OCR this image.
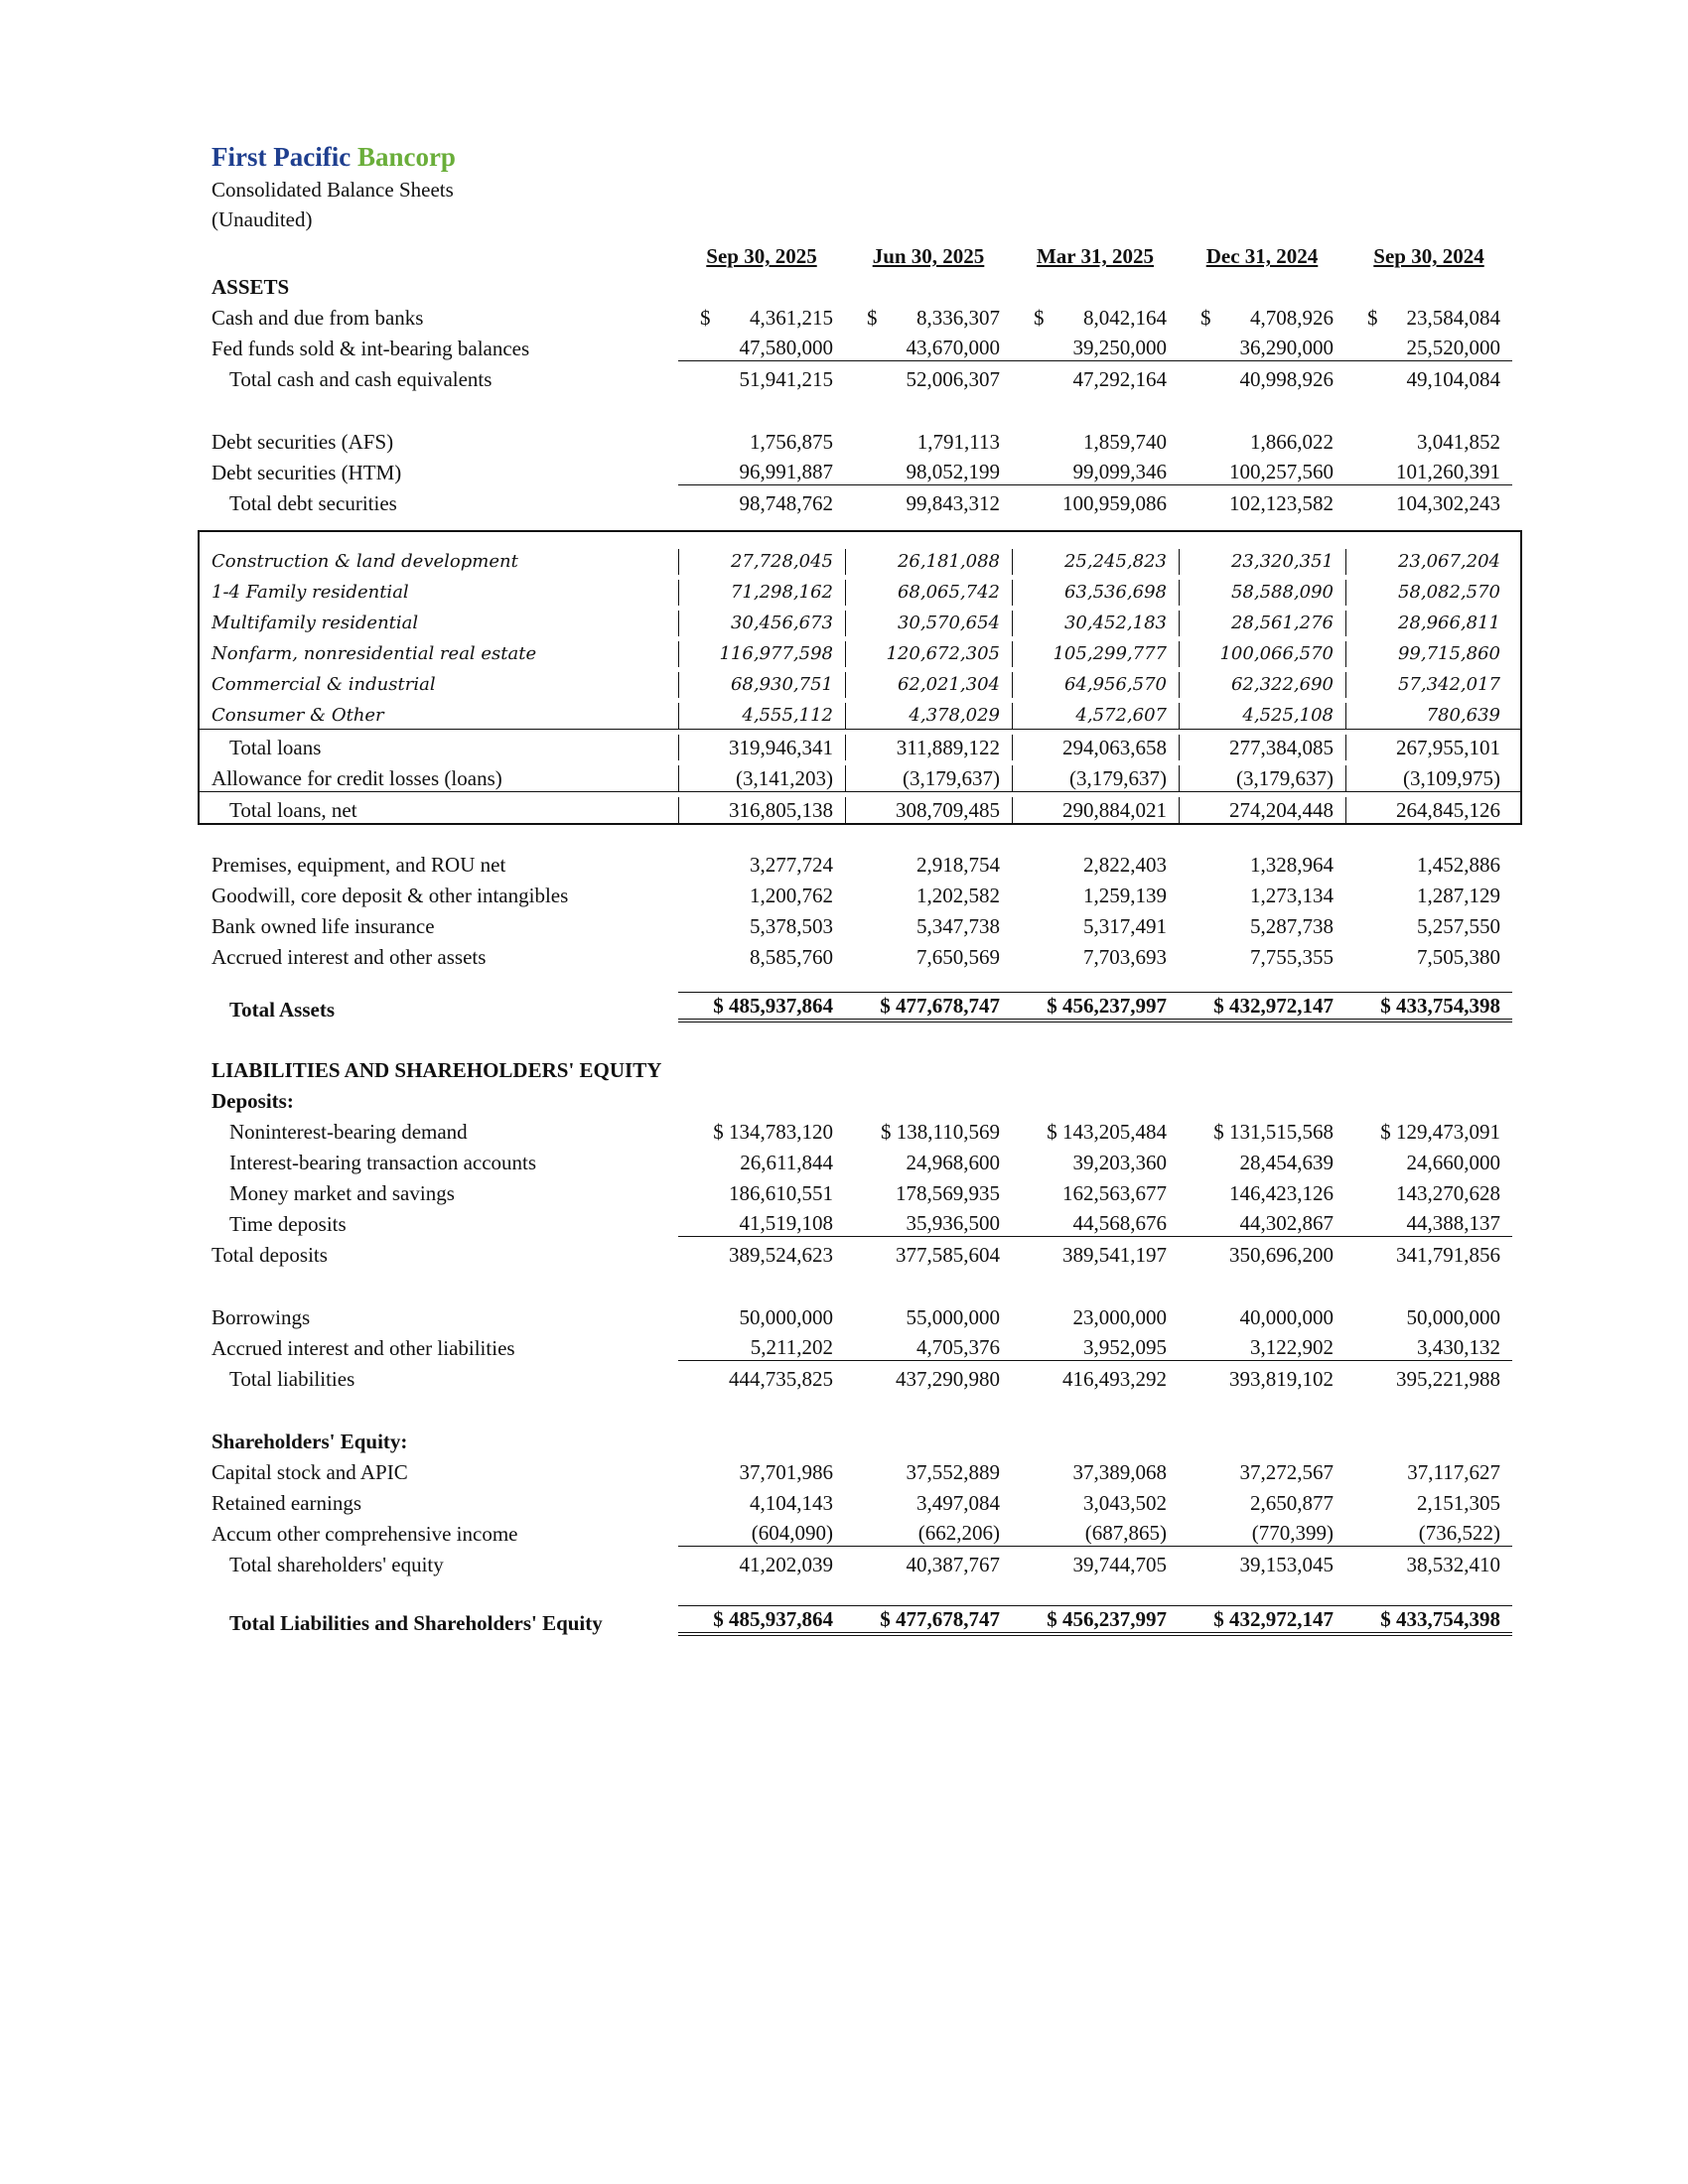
First Pacific Bancorp
Consolidated Balance Sheets
(Unaudited)
Sep 30, 2025	Jun 30, 2025	Mar 31, 2025	Dec 31, 2024	Sep 30, 2024
ASSETS
Cash and due from banks	$ 4,361,215 $ 8,336,307 $ 8,042,164 $ 4,708,926 $ 23,584,084
Fed funds sold & int-bearing balances	47,580,000	43,670,000	39,250,000	36,290,000	25,520,000
Total cash and cash equivalents	51,941,215	52,006,307	47,292,164	40,998,926	49,104,084
Debt securities (AFS)	1,756,875	1,791,113	1,859,740	1,866,022	3,041,852
Debt securities (HTM)	96,991,887	98,052,199	99,099,346	100,257,560	101,260,391
Total debt securities	98,748,762	99,843,312	100,959,086	102,123,582	104,302,243
Construction & land development	27,728,045	26,181,088	25,245,823	23,320,351	23,067,204
1-4 Family residential	71,298,162	68,065,742	63,536,698	58,588,090	58,082,570
Multifamily residential	30,456,673	30,570,654	30,452,183	28,561,276	28,966,811
Nonfarm, nonresidential real estate	116,977,598	120,672,305	105,299,777	100,066,570	99,715,860
Commercial & industrial	68,930,751	62,021,304	64,956,570	62,322,690	57,342,017
Consumer & Other	4,555,112	4,378,029	4,572,607	4,525,108	780,639
Total loans	319,946,341	311,889,122	294,063,658	277,384,085	267,955,101
Allowance for credit losses (loans)	(3,141,203)	(3,179,637)	(3,179,637)	(3,179,637)	(3,109,975)
Total loans, net	316,805,138	308,709,485	290,884,021	274,204,448	264,845,126
Premises, equipment, and ROU net	3,277,724	2,918,754	2,822,403	1,328,964	1,452,886
Goodwill, core deposit & other intangibles	1,200,762	1,202,582	1,259,139	1,273,134	1,287,129
Bank owned life insurance	5,378,503	5,347,738	5,317,491	5,287,738	5,257,550
Accrued interest and other assets	8,585,760	7,650,569	7,703,693	7,755,355	7,505,380
Total Assets	$ 485,937,864 $ 477,678,747 $ 456,237,997 $ 432,972,147 $ 433,754,398
LIABILITIES AND SHAREHOLDERS' EQUITY
Deposits:
Noninterest-bearing demand	$ 134,783,120 $ 138,110,569 $ 143,205,484 $ 131,515,568 $ 129,473,091
Interest-bearing transaction accounts	26,611,844	24,968,600	39,203,360	28,454,639	24,660,000
Money market and savings	186,610,551	178,569,935	162,563,677	146,423,126	143,270,628
Time deposits	41,519,108	35,936,500	44,568,676	44,302,867	44,388,137
Total deposits	389,524,623	377,585,604	389,541,197	350,696,200	341,791,856
Borrowings	50,000,000	55,000,000	23,000,000	40,000,000	50,000,000
Accrued interest and other liabilities	5,211,202	4,705,376	3,952,095	3,122,902	3,430,132
Total liabilities	444,735,825	437,290,980	416,493,292	393,819,102	395,221,988
Shareholders' Equity:
Capital stock and APIC	37,701,986	37,552,889	37,389,068	37,272,567	37,117,627
Retained earnings	4,104,143	3,497,084	3,043,502	2,650,877	2,151,305
Accum other comprehensive income	(604,090)	(662,206)	(687,865)	(770,399)	(736,522)
Total shareholders' equity	41,202,039	40,387,767	39,744,705	39,153,045	38,532,410
Total Liabilities and Shareholders' Equity	$ 485,937,864 $ 477,678,747 $ 456,237,997 $ 432,972,147 $ 433,754,398
